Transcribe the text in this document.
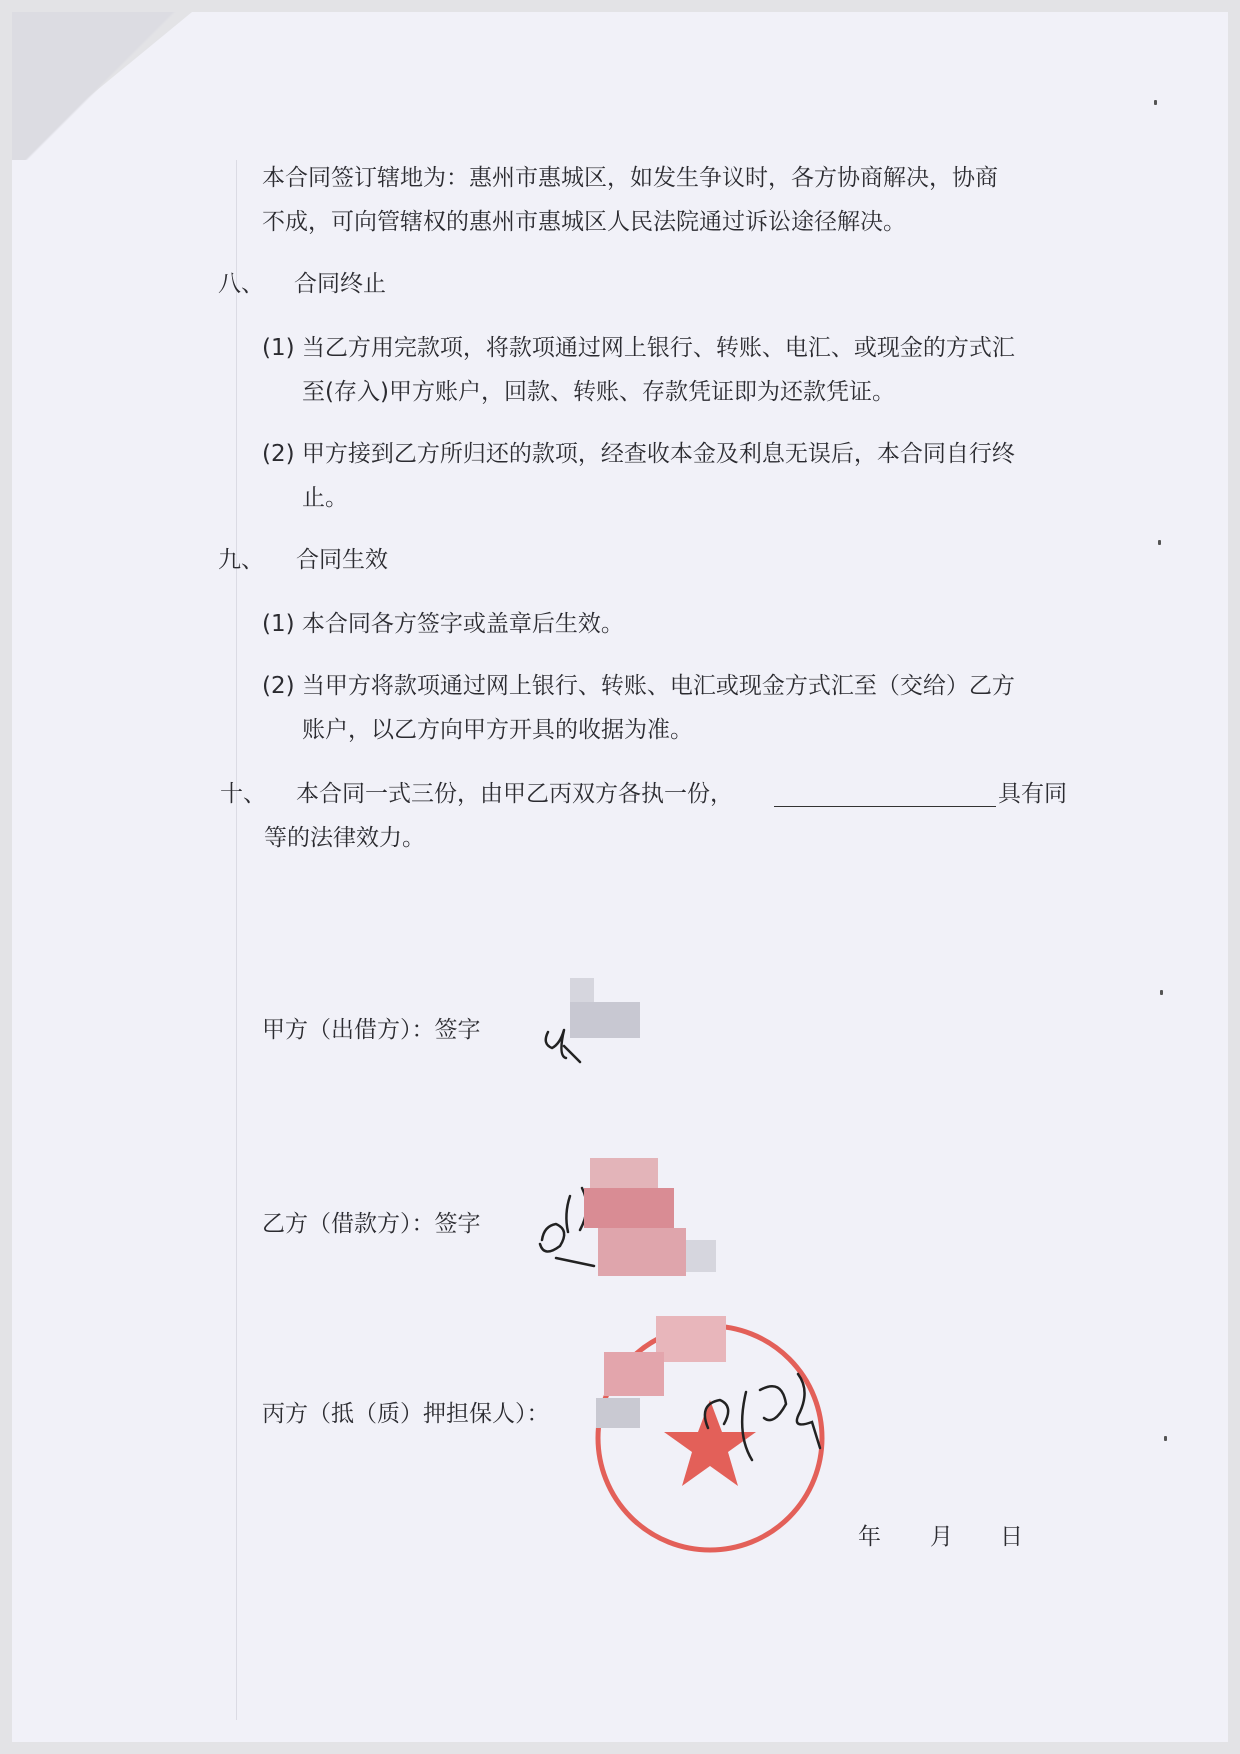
本合同签订辖地为：惠州市惠城区，如发生争议时，各方协商解决，协商
不成，可向管辖权的惠州市惠城区人民法院通过诉讼途径解决。
八、 合同终止
(1) 当乙方用完款项，将款项通过网上银行、转账、电汇、或现金的方式汇
至(存入)甲方账户，回款、转账、存款凭证即为还款凭证。
(2) 甲方接到乙方所归还的款项，经查收本金及利息无误后，本合同自行终
止。
九、 合同生效
(1) 本合同各方签字或盖章后生效。
(2) 当甲方将款项通过网上银行、转账、电汇或现金方式汇至（交给）乙方
账户，以乙方向甲方开具的收据为准。
十、 本合同一式三份，由甲乙丙双方各执一份，	具有同
等的法律效力。
甲方（出借方）：签字
乙方（借款方）：签字
丙方（抵（质）押担保人）：
年 月 日
